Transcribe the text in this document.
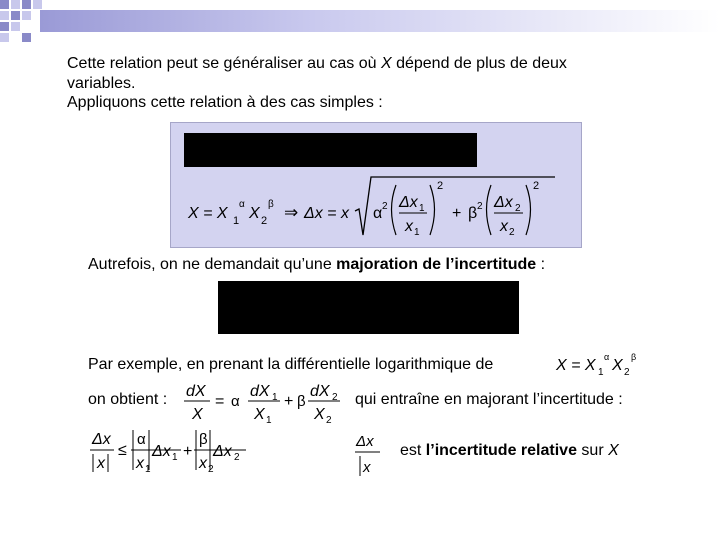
Cette relation peut se généraliser au cas où X dépend de plus de deux

variables.

Appliquons cette relation à des cas simples :

X = X 1
α
X 2
β ⇒ Δx = x α 2 Δx 1
x 1
2
+ β 2 Δx 2
x 2
2
Autrefois, on ne demandait qu’une majoration de l’incertitude :
Par exemple, en prenant la différentielle logarithmique de	X = X 1
α X 2
β
on obtient : dX
X
= α
dX 1
X 1
+ β
dX 2
X 2
qui entraîne en majorant l’incertitude :
Δx
x
≤
α
Δx 1
x 1
+
β
Δx 2
x 2
Δx
x
est l’incertitude relative sur X
